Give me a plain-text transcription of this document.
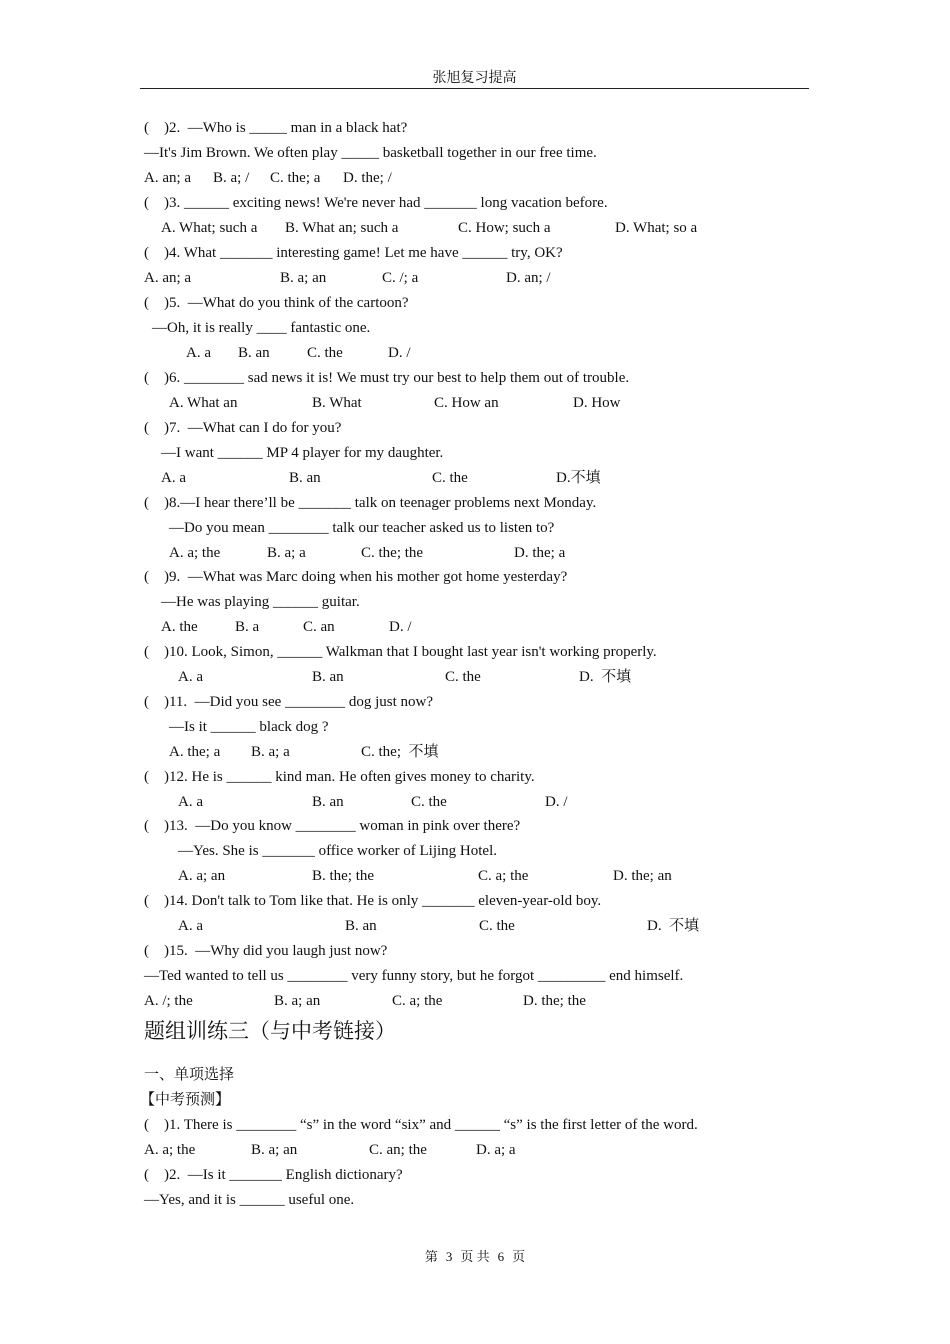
张旭复习提高
(    )2.  —Who is _____ man in a black hat?
—It's Jim Brown. We often play _____ basketball together in our free time.

A. an; a

B. a; /

C. the; a

D. the; /

(    )3. ______ exciting news! We're never had _______ long vacation before.

A. What; such a

B. What an; such a

	C. How; such a

	D. What; so a

(    )4. What _______ interesting game! Let me have ______ try, OK?

A. an; a

	B. a; an

	C. /; a

	D. an; /

(    )5.  —What do you think of the cartoon?
—Oh, it is really ____ fantastic one.

A. a

B. an

C. the

	D. /

(    )6. ________ sad news it is! We must try our best to help them out of trouble.

A. What an

	B. What

	C. How an

	D. How

(    )7.  —What can I do for you?
—I want ______ MP 4 player for my daughter.

A. a

	B. an

	C. the

	D.不填

(    )8.—I hear there’ll be _______ talk on teenager problems next Monday.
—Do you mean ________ talk our teacher asked us to listen to?

A. a; the

	B. a; a

	C. the; the

	D. the; a

(    )9.  —What was Marc doing when his mother got home yesterday?
—He was playing ______ guitar.

A. the

B. a

	C. an

	D. /

(    )10. Look, Simon, ______ Walkman that I bought last year isn't working properly.

A. a

	B. an

	C. the

	D.  不填

(    )11.  —Did you see ________ dog just now?
—Is it ______ black dog ?

A. the; a

B. a; a

	C. the;  不填

(    )12. He is ______ kind man. He often gives money to charity.

A. a

	B. an

	C. the

	D. /

(    )13.  —Do you know ________ woman in pink over there?
—Yes. She is _______ office worker of Lijing Hotel.

A. a; an

	B. the; the

	C. a; the

	D. the; an

(    )14. Don't talk to Tom like that. He is only _______ eleven-year-old boy.

A. a

	B. an

	C. the

	D.  不填

(    )15.  —Why did you laugh just now?
—Ted wanted to tell us ________ very funny story, but he forgot _________ end himself.

A. /; the

	B. a; an

	C. a; the

	D. the; the

题组训练三（与中考链接）
一、单项选择
【中考预测】
(    )1. There is ________ “s” in the word “six” and ______ “s” is the first letter of the word.

A. a; the

	B. a; an

	C. an; the

	D. a; a

(    )2.  —Is it _______ English dictionary?
—Yes, and it is ______ useful one.
第 3 页 共 6 页
